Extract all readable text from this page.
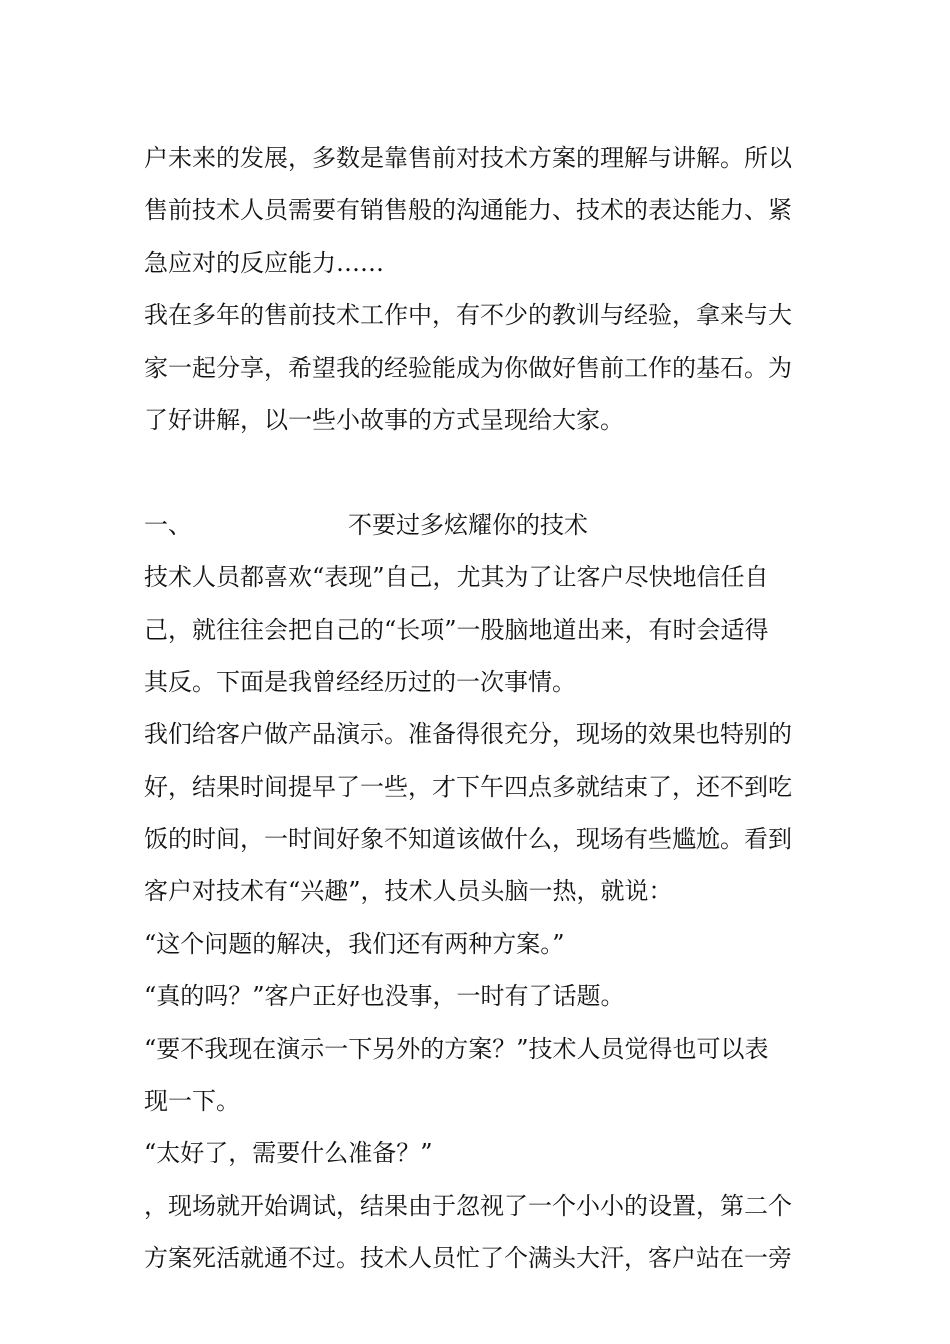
户未来的发展，多数是靠售前对技术方案的理解与讲解。所以
售前技术人员需要有销售般的沟通能力、技术的表达能力、紧
急应对的反应能力……
我在多年的售前技术工作中，有不少的教训与经验，拿来与大
家一起分享，希望我的经验能成为你做好售前工作的基石。为
了好讲解，以一些小故事的方式呈现给大家。
一、	不要过多炫耀你的技术
技术人员都喜欢“表现”自己，尤其为了让客户尽快地信任自
己，就往往会把自己的“长项”一股脑地道出来，有时会适得
其反。下面是我曾经经历过的一次事情。
我们给客户做产品演示。准备得很充分，现场的效果也特别的
好，结果时间提早了一些，才下午四点多就结束了，还不到吃
饭的时间，一时间好象不知道该做什么，现场有些尴尬。看到
客户对技术有“兴趣”，技术人员头脑一热，就说：
“这个问题的解决，我们还有两种方案。”
“真的吗？”客户正好也没事，一时有了话题。
“要不我现在演示一下另外的方案？”技术人员觉得也可以表
现一下。
“太好了，需要什么准备？”
，现场就开始调试，结果由于忽视了一个小小的设置，第二个
方案死活就通不过。技术人员忙了个满头大汗，客户站在一旁
